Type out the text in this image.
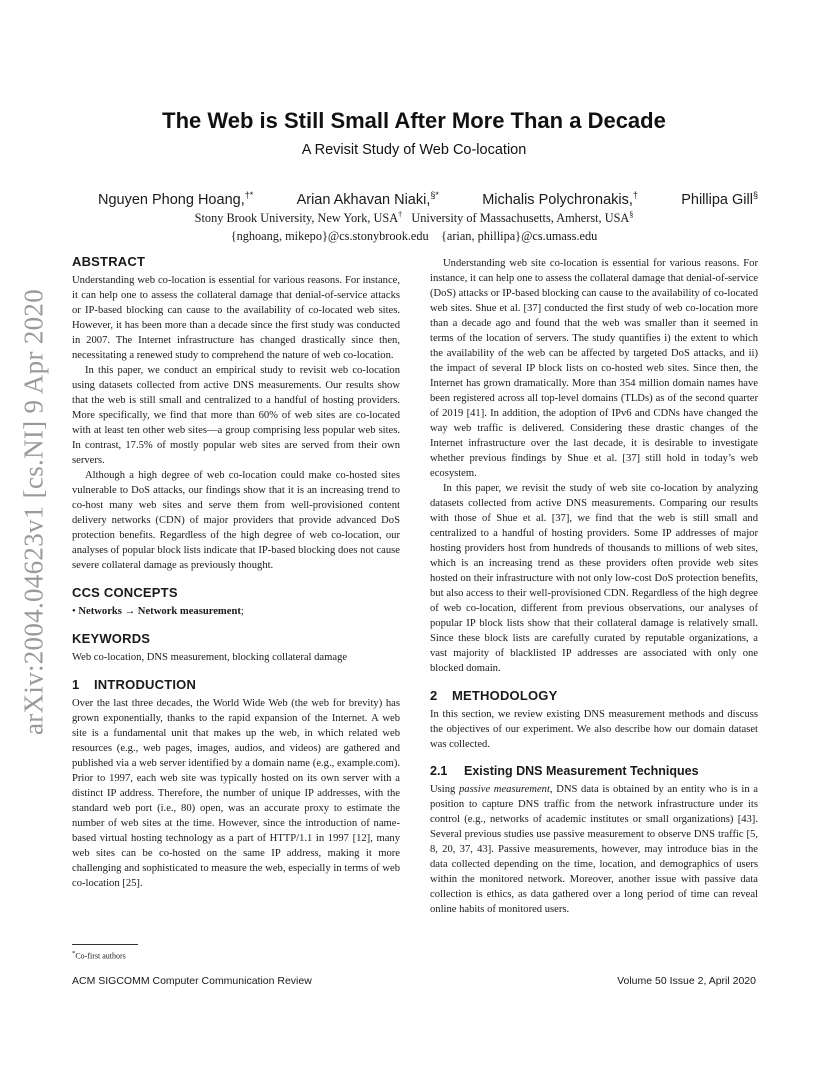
arXiv:2004.04623v1 [cs.NI] 9 Apr 2020
The Web is Still Small After More Than a Decade
A Revisit Study of Web Co-location
Nguyen Phong Hoang,†*	Arian Akhavan Niaki,§*	Michalis Polychronakis,†	Phillipa Gill§
Stony Brook University, New York, USA† University of Massachusetts, Amherst, USA§
{nghoang, mikepo}@cs.stonybrook.edu    {arian, phillipa}@cs.umass.edu
ABSTRACT

Understanding web co-location is essential for various reasons. For instance, it can help one to assess the collateral damage that denial-of-service attacks or IP-based blocking can cause to the availability of co-located web sites. However, it has been more than a decade since the first study was conducted in 2007. The Internet infrastructure has changed drastically since then, necessitating a renewed study to comprehend the nature of web co-location.

In this paper, we conduct an empirical study to revisit web co-location using datasets collected from active DNS measurements. Our results show that the web is still small and centralized to a handful of hosting providers. More specifically, we find that more than 60% of web sites are co-located with at least ten other web sites—a group comprising less popular web sites. In contrast, 17.5% of mostly popular web sites are served from their own servers.

Although a high degree of web co-location could make co-hosted sites vulnerable to DoS attacks, our findings show that it is an increasing trend to co-host many web sites and serve them from well-provisioned content delivery networks (CDN) of major providers that provide advanced DoS protection benefits. Regardless of the high degree of web co-location, our analyses of popular block lists indicate that IP-based blocking does not cause severe collateral damage as previously thought.

CCS CONCEPTS
• Networks → Network measurement;
KEYWORDS

Web co-location, DNS measurement, blocking collateral damage

1 INTRODUCTION

Over the last three decades, the World Wide Web (the web for brevity) has grown exponentially, thanks to the rapid expansion of the Internet. A web site is a fundamental unit that makes up the web, in which related web resources (e.g., web pages, images, audios, and videos) are gathered and published via a web server identified by a domain name (e.g., example.com). Prior to 1997, each web site was typically hosted on its own server with a distinct IP address. Therefore, the number of unique IP addresses, with the standard web port (i.e., 80) open, was an accurate proxy to estimate the number of web sites at the time. However, since the introduction of name-based virtual hosting technology as a part of HTTP/1.1 in 1997 [12], many web sites can be co-hosted on the same IP address, making it more challenging and sophisticated to measure the web, especially in terms of web co-location [25].

Understanding web site co-location is essential for various reasons. For instance, it can help one to assess the collateral damage that denial-of-service (DoS) attacks or IP-based blocking can cause to the availability of co-located web sites. Shue et al. [37] conducted the first study of web co-location more than a decade ago and found that the web was smaller than it seemed in terms of the location of servers. The study quantifies i) the extent to which the availability of the web can be affected by targeted DoS attacks, and ii) the impact of several IP block lists on co-hosted web sites. Since then, the Internet has grown dramatically. More than 354 million domain names have been registered across all top-level domains (TLDs) as of the second quarter of 2019 [41]. In addition, the adoption of IPv6 and CDNs have changed the way web traffic is delivered. Considering these drastic changes of the Internet infrastructure over the last decade, it is desirable to investigate whether previous findings by Shue et al. [37] still hold in today’s web ecosystem.

In this paper, we revisit the study of web site co-location by analyzing datasets collected from active DNS measurements. Comparing our results with those of Shue et al. [37], we find that the web is still small and centralized to a handful of hosting providers. Some IP addresses of major hosting providers host from hundreds of thousands to millions of web sites, which is an increasing trend as these providers often provide web sites hosted on their infrastructure with not only low-cost DoS protection benefits, but also access to their well-provisioned CDN. Regardless of the high degree of web co-location, different from previous observations, our analyses of popular IP block lists show that their collateral damage is relatively small. Since these block lists are carefully curated by reputable organizations, a vast majority of blacklisted IP addresses are associated with only one blocked domain.

2 METHODOLOGY

In this section, we review existing DNS measurement methods and discuss the objectives of our experiment. We also describe how our domain dataset was collected.

2.1 Existing DNS Measurement Techniques

Using passive measurement, DNS data is obtained by an entity who is in a position to capture DNS traffic from the network infrastructure under its control (e.g., networks of academic institutes or small organizations) [43]. Several previous studies use passive measurement to observe DNS traffic [5, 8, 20, 37, 43]. Passive measurements, however, may introduce bias in the data collected depending on the time, location, and demographics of users within the monitored network. Moreover, another issue with passive data collection is ethics, as data gathered over a long period of time can reveal online habits of monitored users.

*Co-first authors
ACM SIGCOMM Computer Communication Review	Volume 50 Issue 2, April 2020
